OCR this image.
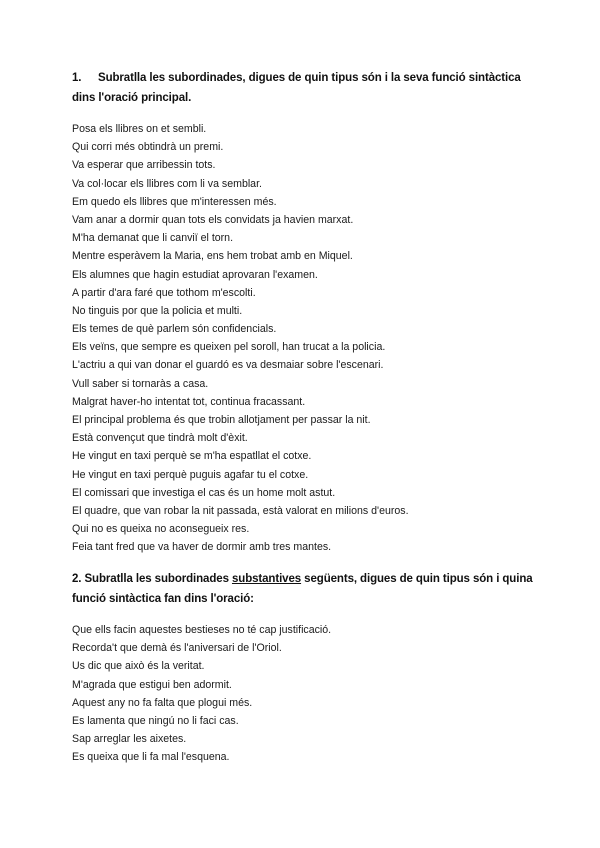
1. Subratlla les subordinades, digues de quin tipus són i la seva funció sintàctica dins l'oració principal.
Posa els llibres on et sembli.
Qui corri més obtindrà un premi.
Va esperar que arribessin tots.
Va col·locar els llibres com li va semblar.
Em quedo els llibres que m'interessen més.
Vam anar a dormir quan tots els convidats ja havien marxat.
M'ha demanat que li canviï el torn.
Mentre esperàvem la Maria, ens hem trobat amb en Miquel.
Els alumnes que hagin estudiat aprovaran l'examen.
A partir d'ara faré que tothom m'escolti.
No tinguis por que la policia et multi.
Els temes de què parlem són confidencials.
Els veïns, que sempre es queixen pel soroll, han trucat a la policia.
L'actriu a qui van donar el guardó es va desmaiar sobre l'escenari.
Vull saber si tornaràs a casa.
Malgrat haver-ho intentat tot, continua fracassant.
El principal problema és que trobin allotjament per passar la nit.
Està convençut que tindrà molt d'èxit.
He vingut en taxi perquè se m'ha espatllat el cotxe.
He vingut en taxi perquè puguis agafar tu el cotxe.
El comissari que investiga el cas és un home molt astut.
El quadre, que van robar la nit passada, està valorat en milions d'euros.
Qui no es queixa no aconsegueix res.
Feia tant fred que va haver de dormir amb tres mantes.
2. Subratlla les subordinades substantives següents, digues de quin tipus són i quina funció sintàctica fan dins l'oració:
Que ells facin aquestes bestieses no té cap justificació.
Recorda't que demà és l'aniversari de l'Oriol.
Us dic que això és la veritat.
M'agrada que estigui ben adormit.
Aquest any no fa falta que plogui més.
Es lamenta que ningú no li faci cas.
Sap arreglar les aixetes.
Es queixa que li fa mal l'esquena.
